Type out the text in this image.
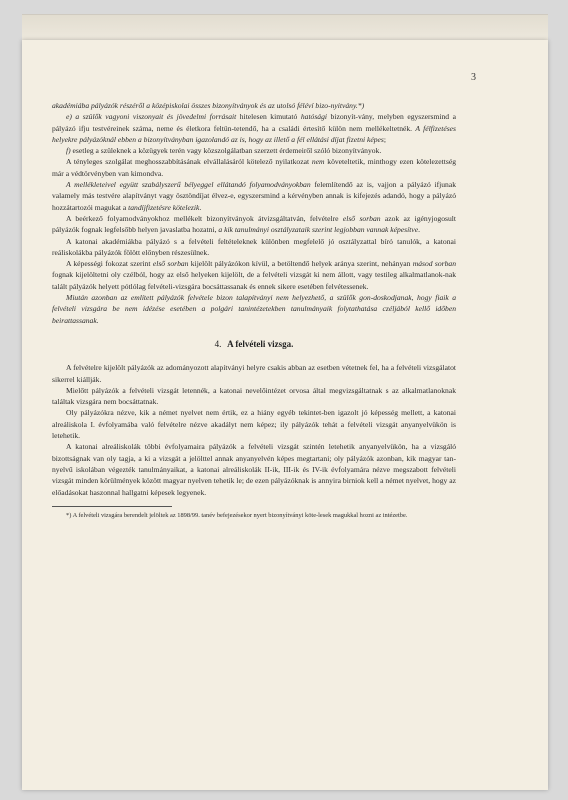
3

akadémiába pályázók részéről a középiskolai összes bizonyítványok és az utolsó féléví bizo-nyitvány.*)

e) a szülők vagyoni viszonyait és jövedelmi forrásait hitelesen kimutató hatósági bizonyít-vány, melyben egyszersmind a pályázó ifju testvéreinek száma, neme és életkora feltün-tetendő, ha a családi értesítő külön nem mellékeltetnék. A félfizetéses helyekre pályázóknál ebben a bizonyítványban igazolandó az is, hogy az illető a fél ellátási díjat fizetni képes;

f) esetleg a szüleknek a közügyek terén vagy közszolgálatban szerzett érdemeiről szóló bizonyítványok.

A tényleges szolgálat meghosszabbításának elvállalásáról kötelező nyilatkozat nem követeltetik, minthogy ezen kötelezettség már a védtörvényben van kimondva.

A mellékleteivel együtt szabályszerű bélyeggel ellátandó folyamodványokban felemlítendő az is, vajjon a pályázó ifjunak valamely más testvére alapítványt vagy ösztöndíjat élvez-e, egyszersmind a kérvényben annak is kifejezés adandó, hogy a pályázó hozzátartozói magukat a tandíjfizetésre kötelezik.

A beérkező folyamodványokhoz mellékelt bizonyítványok átvizsgáltatván, felvételre első sorban azok az igényjogosult pályázók fognak legfelsőbb helyen javaslatba hozatni, a kik tanulmányi osztályzataik szerint legjobban vannak képesítve.

A katonai akadémiákba pályázó s a felvételi feltételeknek különben megfelelő jó osztályzattal bíró tanulók, a katonai reáliskolákba pályázók fölött előnyben részesülnek.

A képességi fokozat szerint első sorban kijelölt pályázókon kívül, a betöltendő helyek aránya szerint, nehányan másod sorban fognak kijelöltetni oly czélból, hogy az első helyeken kijelölt, de a felvételi vizsgát ki nem állott, vagy testileg alkalmatlanok-nak talált pályázók helyett pótlólag felvételi-vizsgára bocsáttassanak és ennek sikere esetében felvétessenek.

Miután azonban az említett pályázók felvétele bizon talapítványi nem helyezhető, a szülők gon-doskodjanak, hogy fiaik a felvételi vizsgára be nem idézése esetében a polgári tanintézetekben tanulmányaik folytathatása czéljából kellő időben beirattassanak.

4. A felvételi vizsga.

A felvételre kijelölt pályázók az adományozott alapítványi helyre csakis abban az esetben vétetnek fel, ha a felvételi vizsgálatot sikerrel kiállják.

Mielőtt pályázók a felvételi vizsgát letennék, a katonai nevelőintézet orvosa által megvizsgáltatnak s az alkalmatlanoknak találtak vizsgára nem bocsáttatnak.

Oly pályázókra nézve, kik a német nyelvet nem értik, ez a hiány egyéb tekintet-ben igazolt jó képesség mellett, a katonai alreáliskola I. évfolyamába való felvételre nézve akadályt nem képez; ily pályázók tehát a felvételi vizsgát anyanyelvükön is letehetik.

A katonai alreáliskolák többi évfolyamaira pályázók a felvételi vizsgát szintén letehetik anyanyelvükön, ha a vizsgáló bizottságnak van oly tagja, a ki a vizsgát a jelölttel annak anyanyelvén képes megtartani; oly pályázók azonban, kik magyar tan-nyelvű iskolában végezték tanulmányaikat, a katonai alreáliskolák II-ik, III-ik és IV-ik évfolyamára nézve megszabott felvételi vizsgát minden körülmények között magyar nyelven tehetik le; de ezen pályázóknak is annyira birniok kell a német nyelvet, hogy az előadásokat haszonnal hallgatni képesek legyenek.

*) A felvételi vizsgára berendelt jelöltek az 1898/99. tanév befejezésekor nyert bizonyítványi köte-lesek magukkal hozni az intézetbe.
